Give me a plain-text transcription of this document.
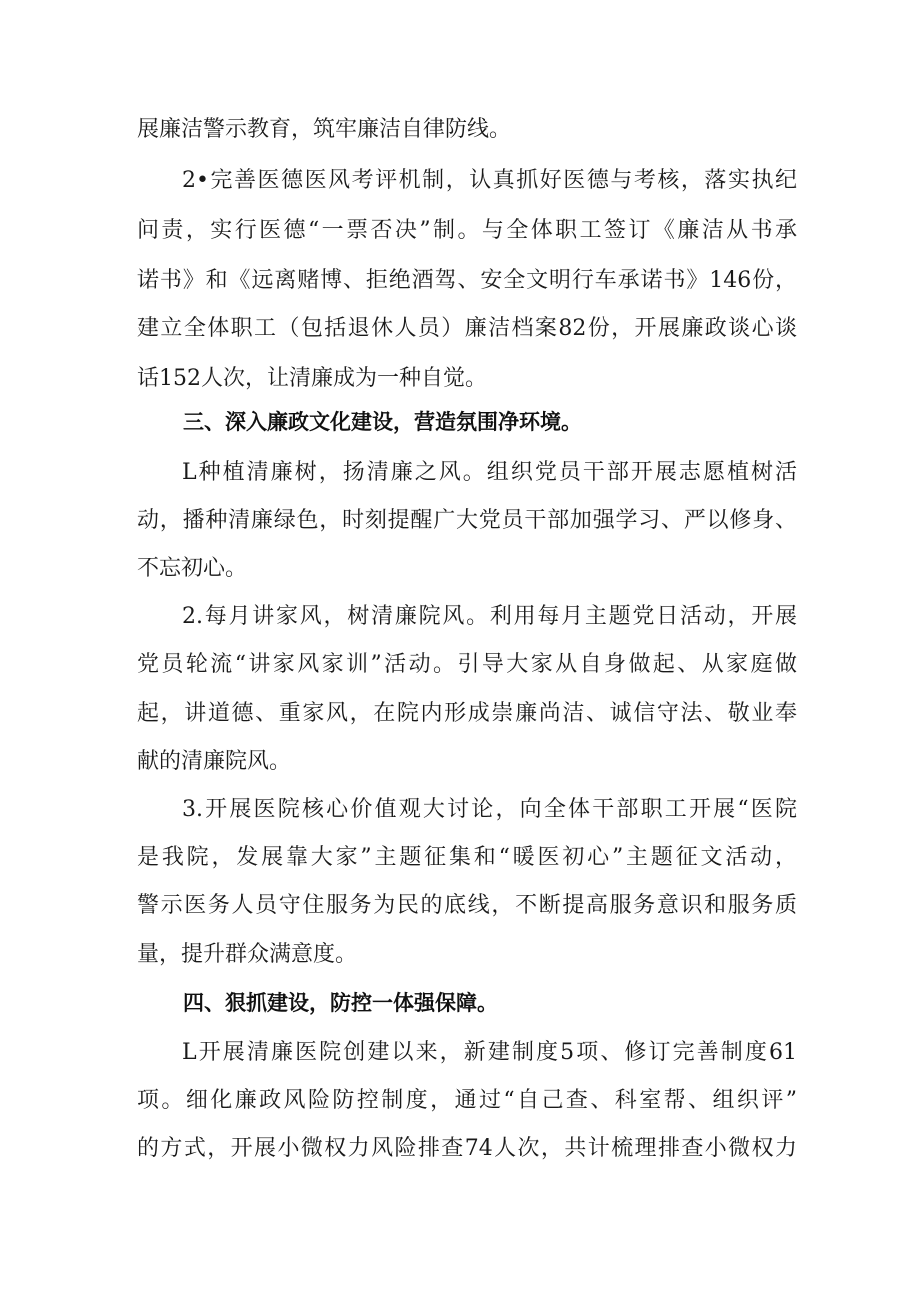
展廉洁警示教育，筑牢廉洁自律防线。

2•完善医德医风考评机制，认真抓好医德与考核，落实执纪

问责，实行医德“一票否决”制。与全体职工签订《廉洁从书承

诺书》和《远离赌博、拒绝酒驾、安全文明行车承诺书》146份，

建立全体职工（包括退休人员）廉洁档案82份，开展廉政谈心谈

话152人次，让清廉成为一种自觉。

三、深入廉政文化建设，营造氛围净环境。

L种植清廉树，扬清廉之风。组织党员干部开展志愿植树活

动，播种清廉绿色，时刻提醒广大党员干部加强学习、严以修身、

不忘初心。

2.每月讲家风，树清廉院风。利用每月主题党日活动，开展

党员轮流“讲家风家训”活动。引导大家从自身做起、从家庭做

起，讲道德、重家风，在院内形成崇廉尚洁、诚信守法、敬业奉

献的清廉院风。

3.开展医院核心价值观大讨论，向全体干部职工开展“医院

是我院，发展靠大家”主题征集和“暖医初心”主题征文活动，

警示医务人员守住服务为民的底线，不断提高服务意识和服务质

量，提升群众满意度。

四、狠抓建设，防控一体强保障。

L开展清廉医院创建以来，新建制度5项、修订完善制度61

项。细化廉政风险防控制度，通过“自己查、科室帮、组织评”

的方式，开展小微权力风险排查74人次，共计梳理排查小微权力
